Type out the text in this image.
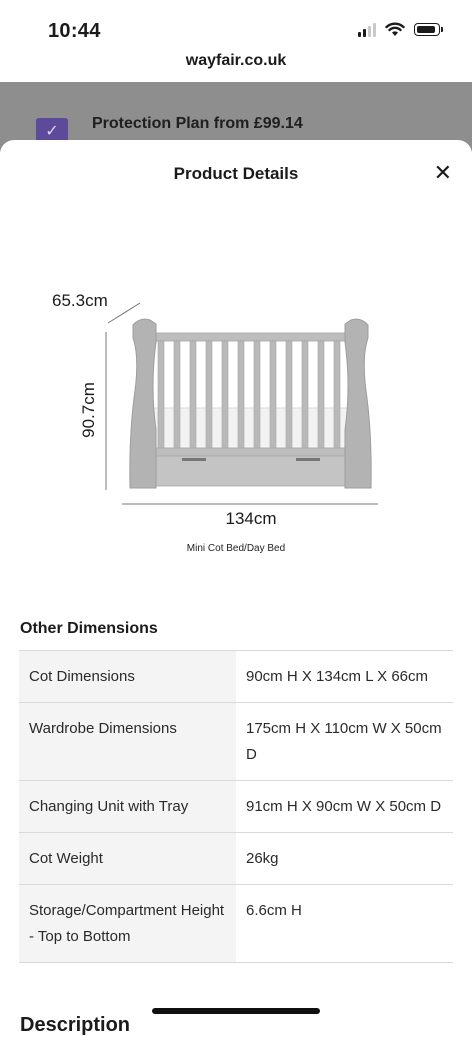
10:44
wayfair.co.uk
✓	Protection Plan from £99.14
Product Details	✕
65.3cm
90.7cm
134cm
Mini Cot Bed/Day Bed
Other Dimensions
Cot Dimensions	90cm H X 134cm L X 66cm
Wardrobe Dimensions	175cm H X 110cm W X 50cm D
Changing Unit with Tray	91cm H X 90cm W X 50cm D
Cot Weight	26kg
Storage/Compartment Height - Top to Bottom	6.6cm H
Description
